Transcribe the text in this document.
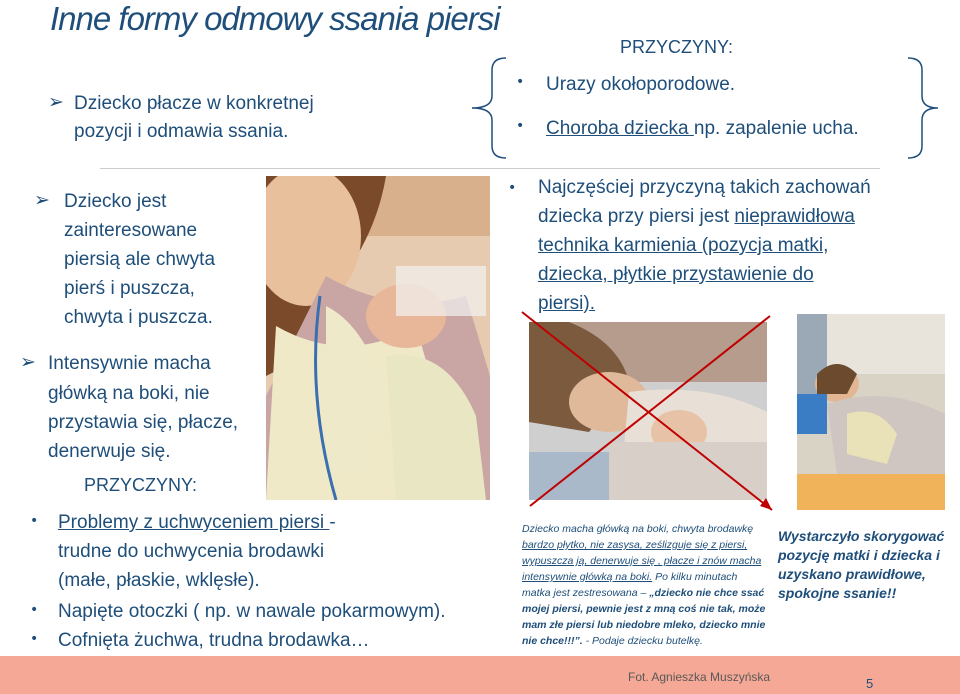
Inne formy odmowy ssania piersi
PRZYCZYNY:
• Urazy okołoporodowe.
• Choroba dziecka np. zapalenie ucha.
➢ Dziecko płacze w konkretnej
pozycji i odmawia ssania.
➢ Dziecko jest
zainteresowane
piersią ale chwyta
pierś i puszcza,
chwyta i puszcza.
➢ Intensywnie macha
główką na boki, nie
przystawia się, płacze,
denerwuje się.
PRZYCZYNY:
• Problemy z uchwyceniem piersi -
trudne do uchwycenia brodawki
(małe, płaskie, wklęsłe).
• Napięte otoczki ( np. w nawale pokarmowym).
• Cofnięta żuchwa, trudna brodawka…
• Najczęściej przyczyną takich zachowań
dziecka przy piersi jest nieprawidłowa
technika karmienia (pozycja matki,
dziecka, płytkie przystawienie do
piersi).
Dziecko macha główką na boki, chwyta brodawkę
bardzo płytko, nie zasysa, ześlizguje się z piersi,
wypuszcza ją, denerwuje się , płacze i znów macha
intensywnie główką na boki. Po kilku minutach
matka jest zestresowana – „dziecko nie chce ssać
mojej piersi, pewnie jest z mną coś nie tak, może
mam złe piersi lub niedobre mleko, dziecko mnie
nie chce!!!”. - Podaje dziecku butelkę.
Wystarczyło skorygować
pozycję matki i dziecka i
uzyskano prawidłowe,
spokojne ssanie!!
Fot. Agnieszka Muszyńska	5
